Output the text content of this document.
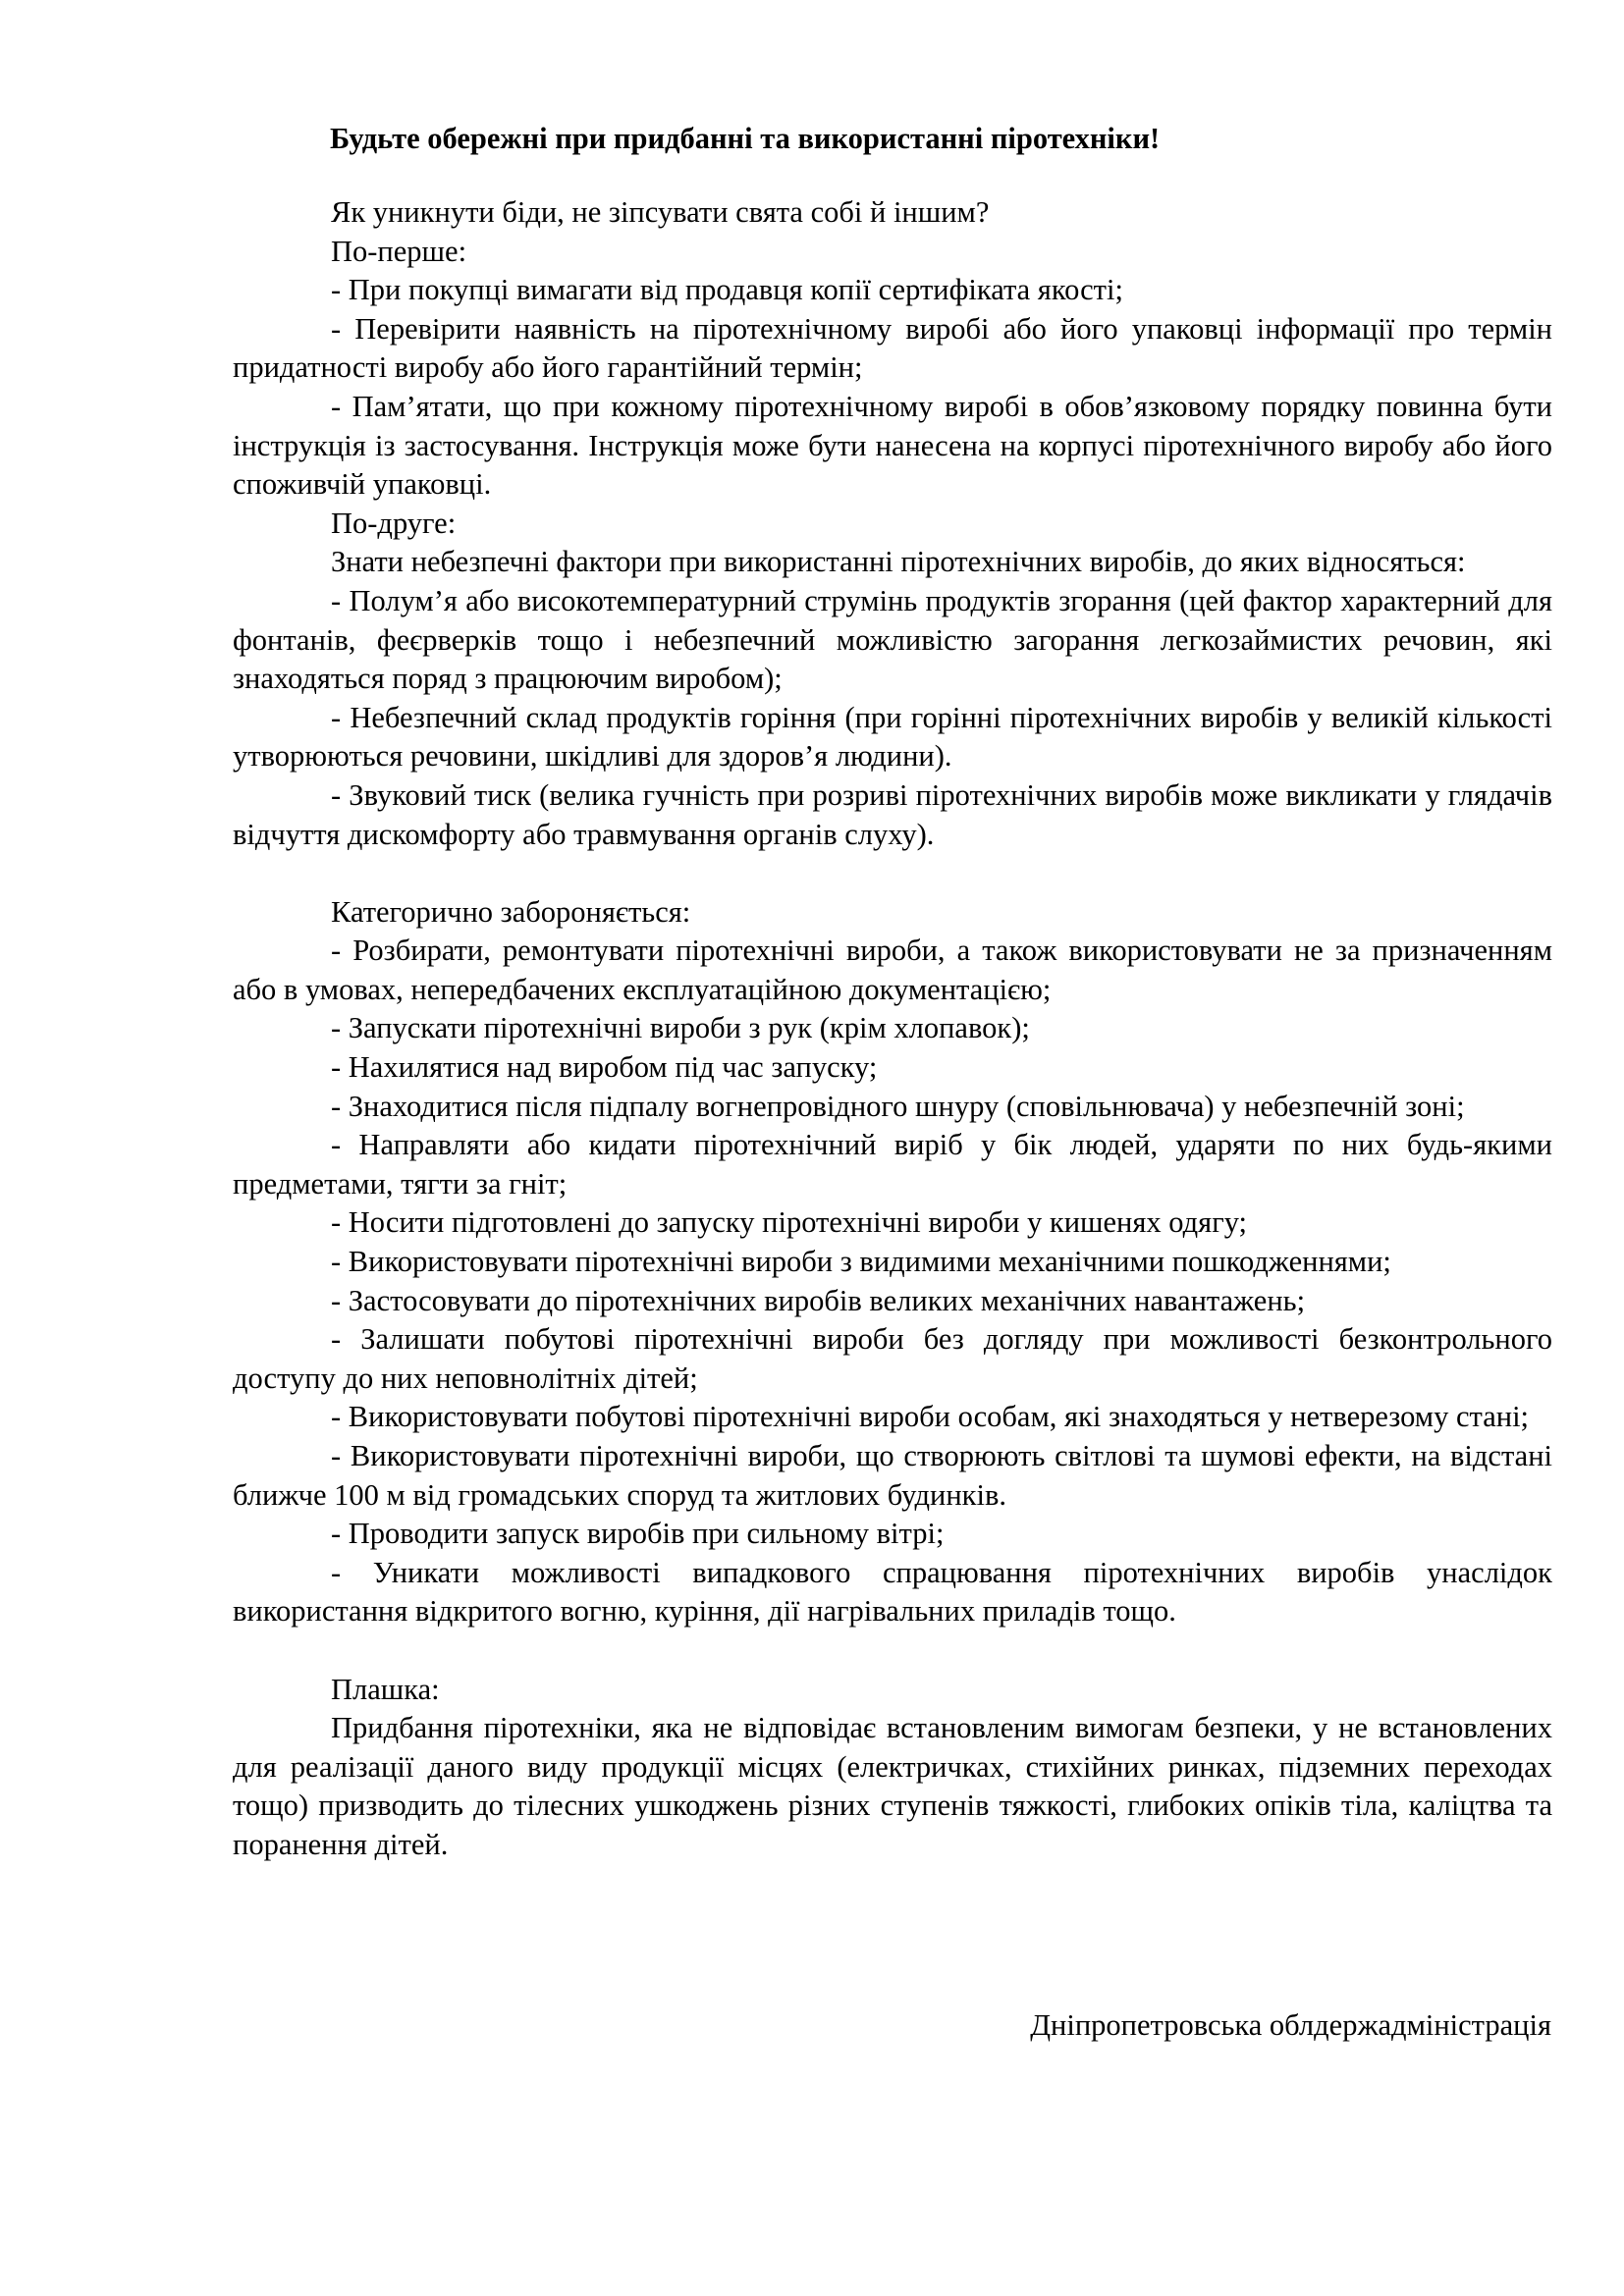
Будьте обережні при придбанні та використанні піротехніки!

Як уникнути біди, не зіпсувати свята собі й іншим?

По-перше:

- При покупці вимагати від продавця копії сертифіката якості;

- Перевірити наявність на піротехнічному виробі або його упаковці інформації про термін придатності виробу або його гарантійний термін;

- Пам’ятати, що при кожному піротехнічному виробі в обов’язковому порядку повинна бути інструкція із застосування. Інструкція може бути нанесена на корпусі піротехнічного виробу або його споживчій упаковці.

По-друге:

Знати небезпечні фактори при використанні піротехнічних виробів, до яких відносяться:

- Полум’я або високотемпературний струмінь продуктів згорання (цей фактор характерний для фонтанів, феєрверків тощо і небезпечний можливістю загорання легкозаймистих речовин, які знаходяться поряд з працюючим виробом);

- Небезпечний склад продуктів горіння (при горінні піротехнічних виробів у великій кількості утворюються речовини, шкідливі для здоров’я людини).

- Звуковий тиск (велика гучність при розриві піротехнічних виробів може викликати у глядачів відчуття дискомфорту або травмування органів слуху).

Категорично забороняється:

- Розбирати, ремонтувати піротехнічні вироби, а також використовувати не за призначенням або в умовах, непередбачених експлуатаційною документацією;

- Запускати піротехнічні вироби з рук (крім хлопавок);

- Нахилятися над виробом під час запуску;

- Знаходитися після підпалу вогнепровідного шнуру (сповільнювача) у небезпечній зоні;

- Направляти або кидати піротехнічний виріб у бік людей, ударяти по них будь-якими предметами, тягти за гніт;

- Носити підготовлені до запуску піротехнічні вироби у кишенях одягу;

- Використовувати піротехнічні вироби з видимими механічними пошкодженнями;

- Застосовувати до піротехнічних виробів великих механічних навантажень;

- Залишати побутові піротехнічні вироби без догляду при можливості безконтрольного доступу до них неповнолітніх дітей;

- Використовувати побутові піротехнічні вироби особам, які знаходяться у нетверезому стані;

- Використовувати піротехнічні вироби, що створюють світлові та шумові ефекти, на відстані ближче 100 м від громадських споруд та житлових будинків.

- Проводити запуск виробів при сильному вітрі;

- Уникати можливості випадкового спрацювання піротехнічних виробів унаслідок використання відкритого вогню, куріння, дії нагрівальних приладів тощо.

Плашка:

Придбання піротехніки, яка не відповідає встановленим вимогам безпеки, у не встановлених для реалізації даного виду продукції місцях (електричках, стихійних ринках, підземних переходах тощо) призводить до тілесних ушкоджень різних ступенів тяжкості, глибоких опіків тіла, каліцтва та поранення дітей.

Дніпропетровська облдержадміністрація
